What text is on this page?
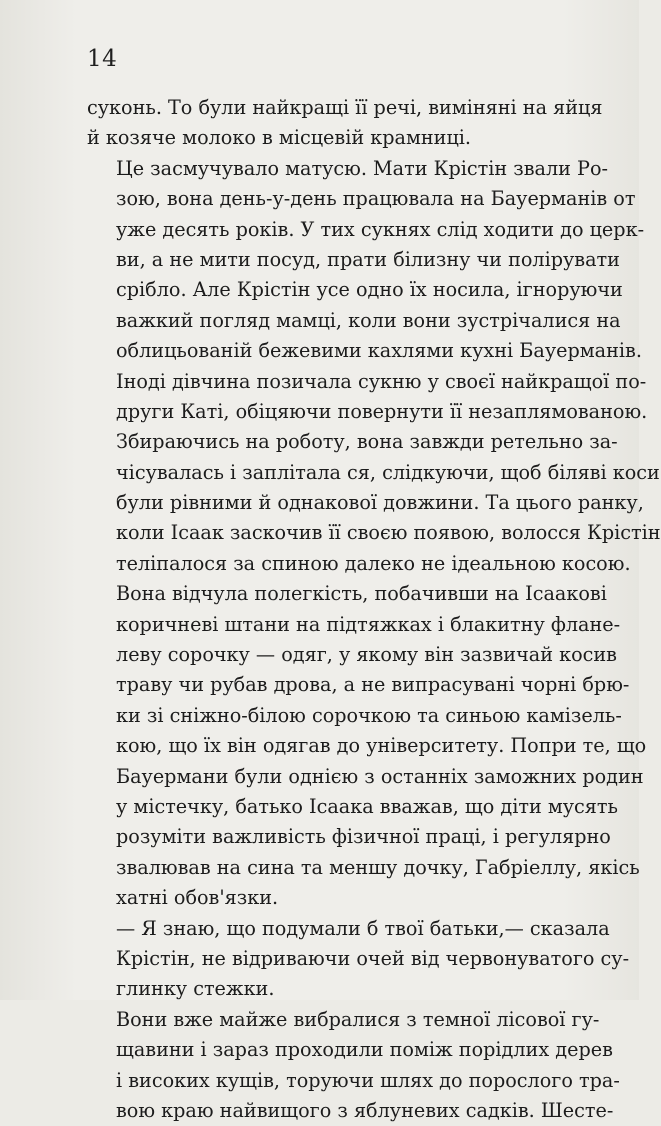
14
суконь. То були найкращі її речі, виміняні на яйця
й козяче молоко в місцевій крамниці.
Це засмучувало матусю. Мати Крістін звали Ро-
зою, вона день-у-день працювала на Бауерманів от
уже десять років. У тих сукнях слід ходити до церк-
ви, а не мити посуд, прати білизну чи полірувати
срібло. Але Крістін усе одно їх носила, ігноруючи
важкий погляд мамці, коли вони зустрічалися на
облицьованій бежевими кахлями кухні Бауерманів.
Іноді дівчина позичала сукню у своєї найкращої по-
други Каті, обіцяючи повернути її незаплямованою.
Збираючись на роботу, вона завжди ретельно за-
чісувалась і заплітала ся, слідкуючи, щоб біляві коси
були рівними й однакової довжини. Та цього ранку,
коли Ісаак заскочив її своєю появою, волосся Крістін
теліпалося за спиною далеко не ідеальною косою.
Вона відчула полегкість, побачивши на Ісаакові
коричневі штани на підтяжках і блакитну флане-
леву сорочку — одяг, у якому він зазвичай косив
траву чи рубав дрова, а не випрасувані чорні брю-
ки зі сніжно-білою сорочкою та синьою камізель-
кою, що їх він одягав до університету. Попри те, що
Бауермани були однією з останніх заможних родин
у містечку, батько Ісаака вважав, що діти мусять
розуміти важливість фізичної праці, і регулярно
звалював на сина та меншу дочку, Габріеллу, якісь
хатні обов'язки.
— Я знаю, що подумали б твої батьки,— сказала
Крістін, не відриваючи очей від червонуватого су-
глинку стежки.
Вони вже майже вибралися з темної лісової гу-
щавини і зараз проходили поміж порідлих дерев
і високих кущів, торуючи шлях до порослого тра-
вою краю найвищого з яблуневих садків. Шесте-
